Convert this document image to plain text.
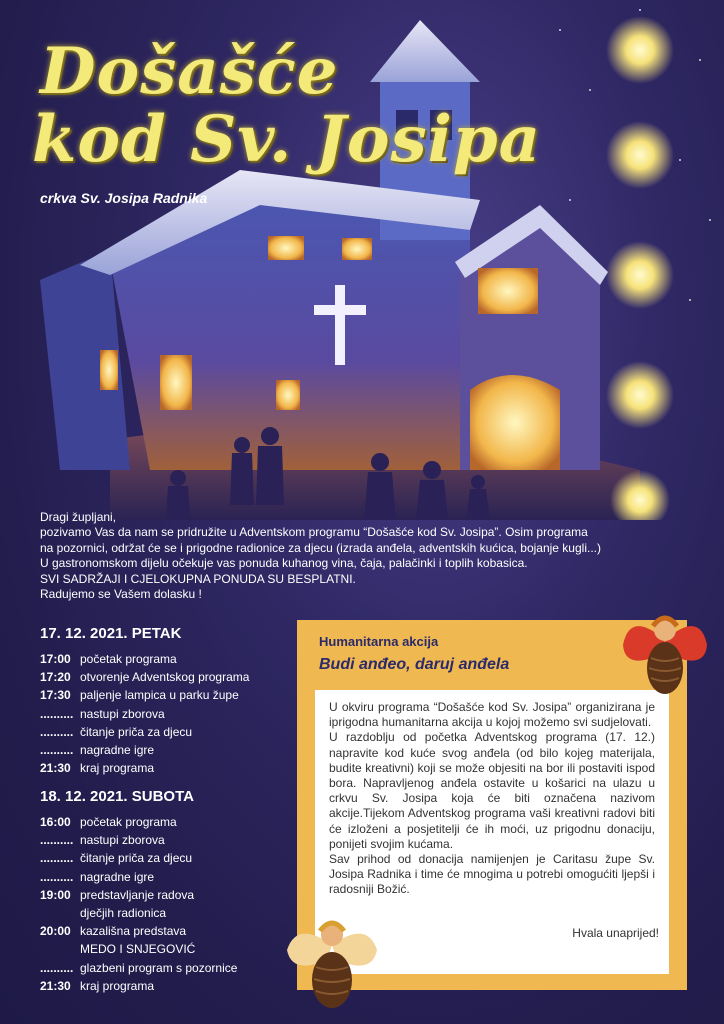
Došašće
kod Sv. Josipa
crkva Sv. Josipa Radnika

Dragi župljani,

pozivamo Vas da nam se pridružite u Adventskom programu “Došašće kod Sv. Josipa”. Osim programa

na pozornici, održat će se i prigodne radionice za djecu (izrada anđela, adventskih kućica, bojanje kugli...)

U gastronomskom dijelu očekuje vas ponuda kuhanog vina, čaja, palačinki i toplih kobasica.

SVI SADRŽAJI I CJELOKUPNA PONUDA SU BESPLATNI.

Radujemo se Vašem dolasku !

17. 12. 2021. PETAK
17:00 početak programa
17:20 otvorenje Adventskog programa
17:30 paljenje lampica u parku župe
.......... nastupi zborova
.......... čitanje priča za djecu
.......... nagradne igre
21:30 kraj programa
18. 12. 2021. SUBOTA
16:00 početak programa
.......... nastupi zborova
.......... čitanje priča za djecu
.......... nagradne igre
19:00 predstavljanje radova
dječjih radionica
20:00 kazališna predstava
MEDO I SNJEGOVIĆ
.......... glazbeni program s pozornice
21:30 kraj programa
Humanitarna akcija
Budi anđeo, daruj anđela

U okviru programa “Došašće kod Sv. Josipa” organizirana je iprigodna humanitarna akcija u kojoj možemo svi sudjelovati.

U razdoblju od početka Adventskog programa (17. 12.) napravite kod kuće svog anđela (od bilo kojeg materijala, budite kreativni) koji se može objesiti na bor ili postaviti ispod bora. Napravljenog anđela ostavite u košarici na ulazu u crkvu Sv. Josipa koja će biti označena nazivom akcije.Tijekom Adventskog programa vaši kreativni radovi biti će izloženi a posjetitelji će ih moći, uz prigodnu donaciju, ponijeti svojim kućama.

Sav prihod od donacija namijenjen je Caritasu župe Sv. Josipa Radnika i time će mnogima u potrebi omogućiti ljepši i radosniji Božić.

Hvala unaprijed!
